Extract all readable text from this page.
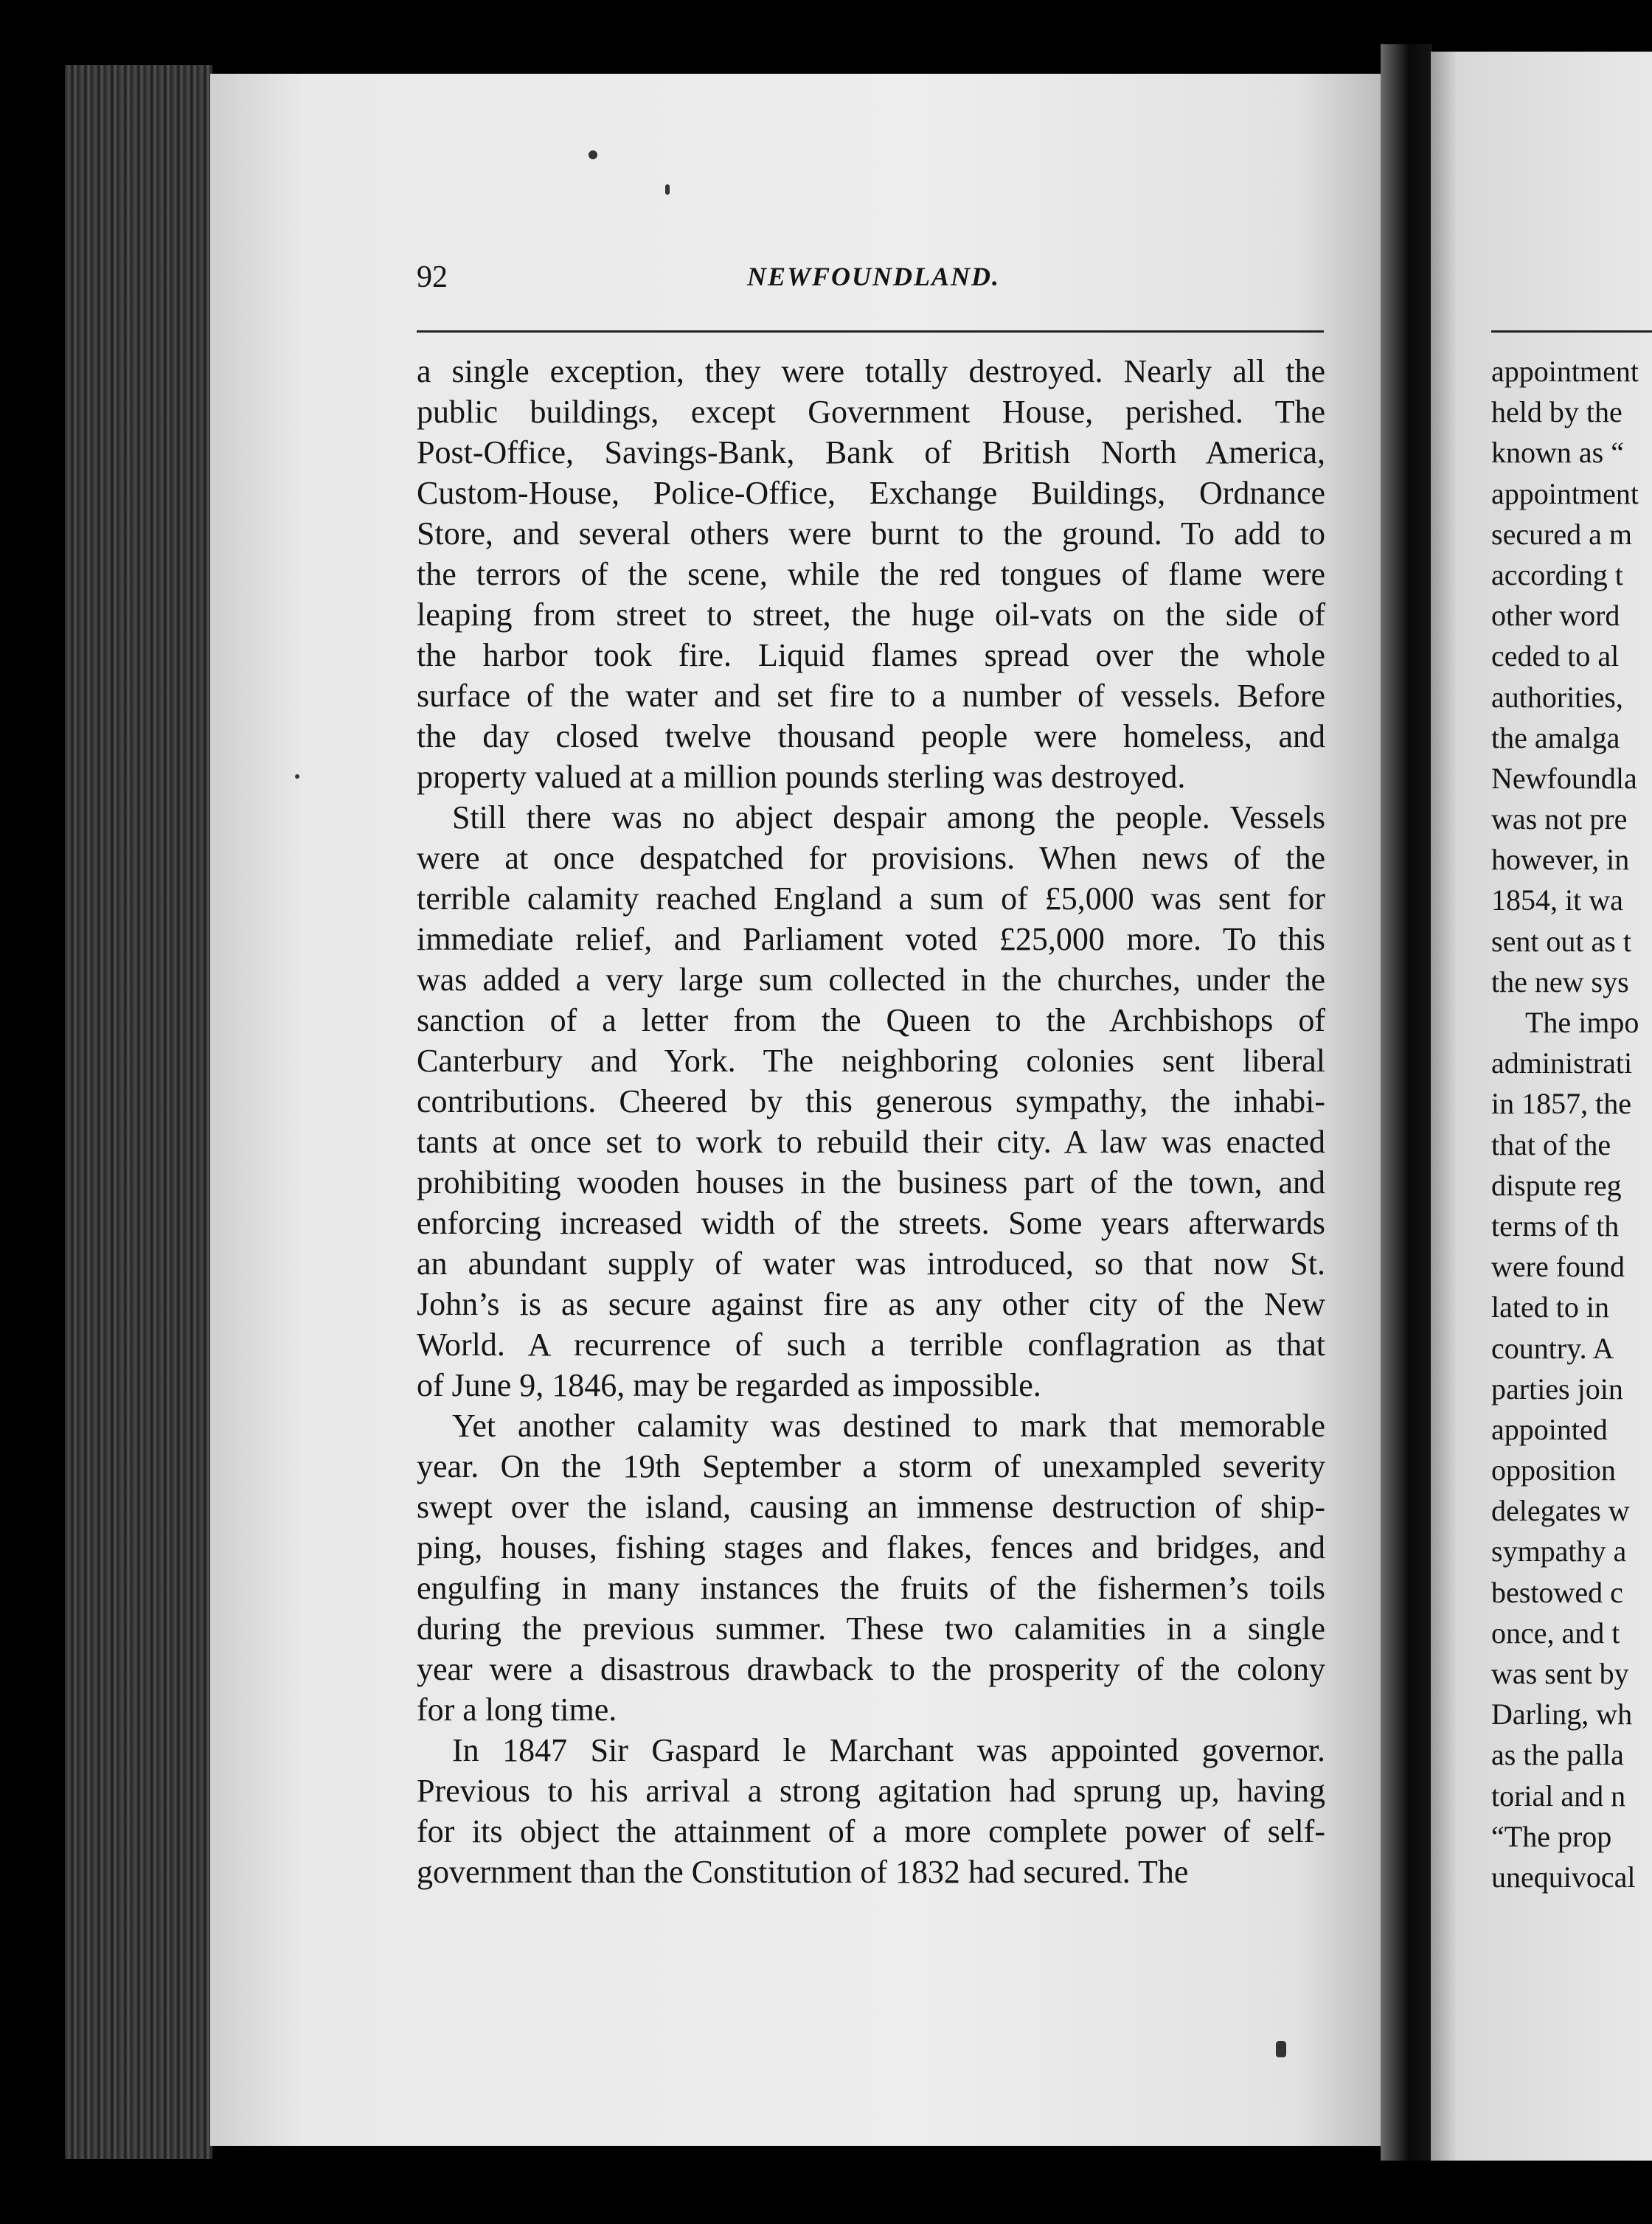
appointment
held by the
known as “
appointment
secured a m
according t
other word
ceded to al
authorities,
the amalga
Newfoundla
was not pre
however, in
1854, it wa
sent out as t
the new sys
The impo
administrati
in 1857, the
that of the
dispute reg
terms of th
were found
lated to in
country. A
parties join
appointed
opposition
delegates w
sympathy a
bestowed c
once, and t
was sent by
Darling, wh
as the palla
torial and n
“The prop
unequivocal
92	NEWFOUNDLAND.
a single exception, they were totally destroyed. Nearly all the
public buildings, except Government House, perished. The
Post-Office, Savings-Bank, Bank of British North America,
Custom-House, Police-Office, Exchange Buildings, Ordnance
Store, and several others were burnt to the ground. To add to
the terrors of the scene, while the red tongues of flame were
leaping from street to street, the huge oil-vats on the side of
the harbor took fire. Liquid flames spread over the whole
surface of the water and set fire to a number of vessels. Before
the day closed twelve thousand people were homeless, and
property valued at a million pounds sterling was destroyed.
Still there was no abject despair among the people. Vessels
were at once despatched for provisions. When news of the
terrible calamity reached England a sum of £5,000 was sent for
immediate relief, and Parliament voted £25,000 more. To this
was added a very large sum collected in the churches, under the
sanction of a letter from the Queen to the Archbishops of
Canterbury and York. The neighboring colonies sent liberal
contributions. Cheered by this generous sympathy, the inhabi-
tants at once set to work to rebuild their city. A law was enacted
prohibiting wooden houses in the business part of the town, and
enforcing increased width of the streets. Some years afterwards
an abundant supply of water was introduced, so that now St.
John’s is as secure against fire as any other city of the New
World. A recurrence of such a terrible conflagration as that
of June 9, 1846, may be regarded as impossible.
Yet another calamity was destined to mark that memorable
year. On the 19th September a storm of unexampled severity
swept over the island, causing an immense destruction of ship-
ping, houses, fishing stages and flakes, fences and bridges, and
engulfing in many instances the fruits of the fishermen’s toils
during the previous summer. These two calamities in a single
year were a disastrous drawback to the prosperity of the colony
for a long time.
In 1847 Sir Gaspard le Marchant was appointed governor.
Previous to his arrival a strong agitation had sprung up, having
for its object the attainment of a more complete power of self-
government than the Constitution of 1832 had secured. The
